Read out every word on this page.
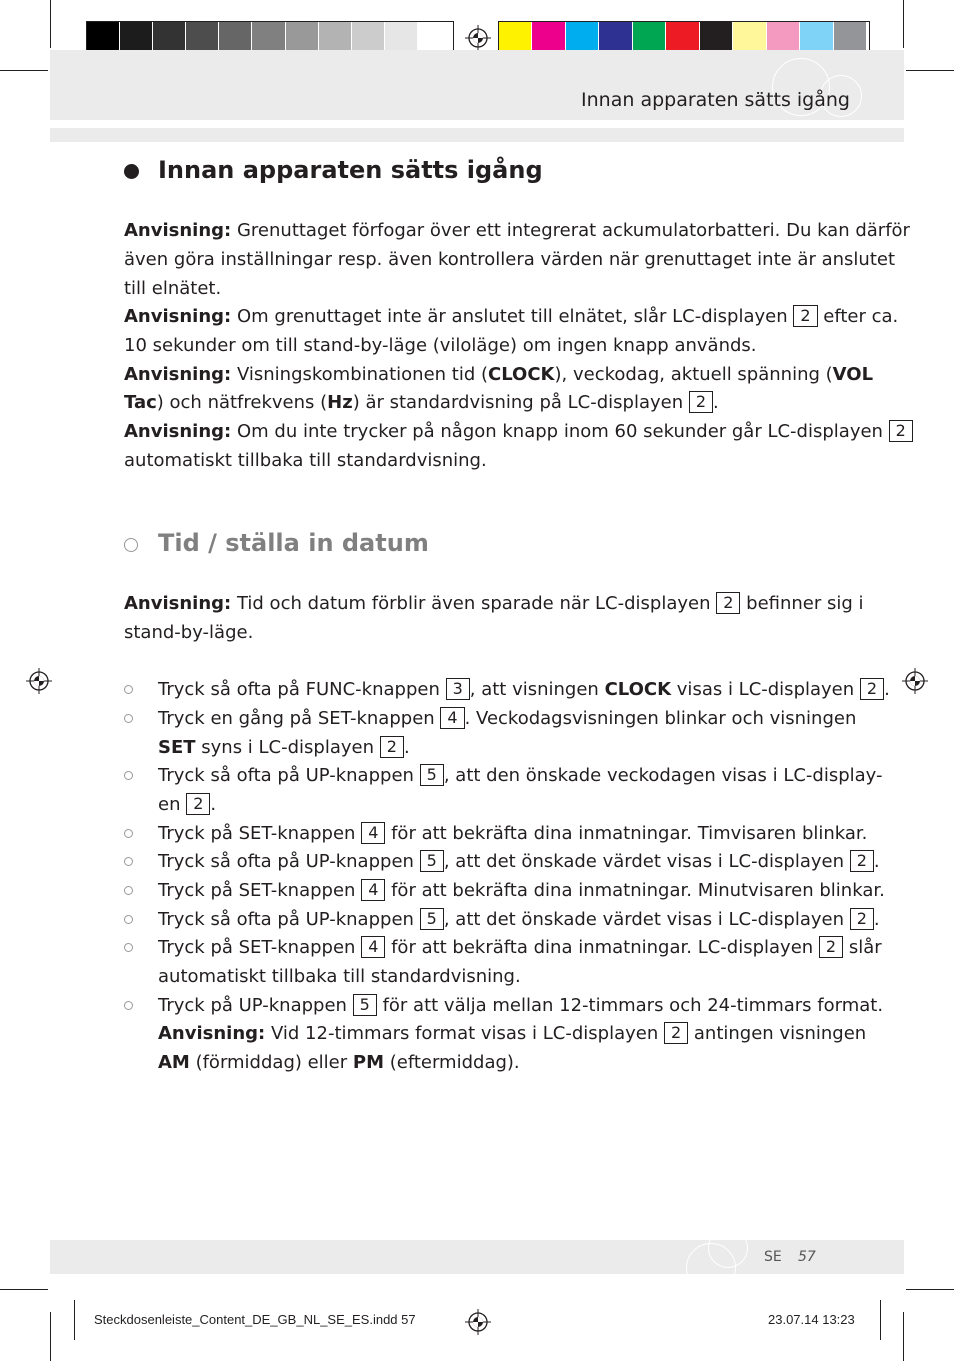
Innan apparaten sätts igång
Innan apparaten sätts igång
Anvisning: Grenuttaget förfogar över ett integrerat ackumulatorbatteri. Du kan därför
även göra inställningar resp. även kontrollera värden när grenuttaget inte är anslutet
till elnätet.
Anvisning: Om grenuttaget inte är anslutet till elnätet, slår LC-displayen 2 efter ca.
10 sekunder om till stand-by-läge (viloläge) om ingen knapp används.
Anvisning: Visningskombinationen tid (CLOCK), veckodag, aktuell spänning (VOL
Tac) och nätfrekvens (Hz) är standardvisning på LC-displayen 2 .
Anvisning: Om du inte trycker på någon knapp inom 60 sekunder går LC-displayen 2
automatiskt tillbaka till standardvisning.
Tid / ställa in datum
Anvisning: Tid och datum förblir även sparade när LC-displayen 2 befinner sig i
stand-by-läge.
Tryck så ofta på FUNC-knappen 3 , att visningen CLOCK visas i LC-displayen 2 .
Tryck en gång på SET-knappen 4 . Veckodagsvisningen blinkar och visningen
SET syns i LC-displayen 2 .
Tryck så ofta på UP-knappen 5 , att den önskade veckodagen visas i LC-display-
en 2 .
Tryck på SET-knappen 4 för att bekräfta dina inmatningar. Timvisaren blinkar.
Tryck så ofta på UP-knappen 5 , att det önskade värdet visas i LC-displayen 2 .
Tryck på SET-knappen 4 för att bekräfta dina inmatningar. Minutvisaren blinkar.
Tryck så ofta på UP-knappen 5 , att det önskade värdet visas i LC-displayen 2 .
Tryck på SET-knappen 4 för att bekräfta dina inmatningar. LC-displayen 2 slår
automatiskt tillbaka till standardvisning.
Tryck på UP-knappen 5 för att välja mellan 12-timmars och 24-timmars format.
Anvisning: Vid 12-timmars format visas i LC-displayen 2 antingen visningen
AM (förmiddag) eller PM (eftermiddag).
SE 57
Steckdosenleiste_Content_DE_GB_NL_SE_ES.indd 57	23.07.14 13:23
